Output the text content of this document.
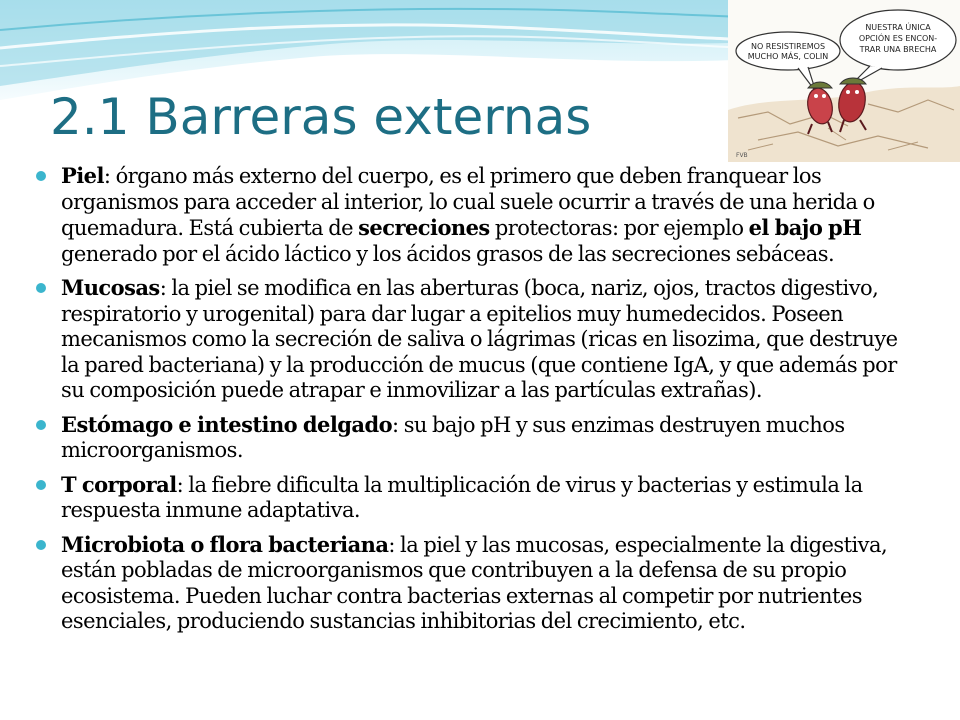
2.1 Barreras externas
NO RESISTIREMOS
MUCHO MÁS, COLIN
NUESTRA ÚNICA
OPCIÓN ES ENCON-
TRAR UNA BRECHA
FVB
Piel: órgano más externo del cuerpo, es el primero que deben franquear los organismos para acceder al interior, lo cual suele ocurrir a través de una herida o quemadura. Está cubierta de secreciones protectoras: por ejemplo el bajo pH generado por el ácido láctico y los ácidos grasos de las secreciones sebáceas.
Mucosas: la piel se modifica en las aberturas (boca, nariz, ojos, tractos digestivo, respiratorio y urogenital) para dar lugar a epitelios muy humedecidos. Poseen mecanismos como la secreción de saliva o lágrimas (ricas en lisozima, que destruye la pared bacteriana) y la producción de mucus (que contiene IgA, y que además por su composición puede atrapar e inmovilizar a las partículas extrañas).
Estómago e intestino delgado: su bajo pH y sus enzimas destruyen muchos microorganismos.
T corporal: la fiebre dificulta la multiplicación de virus y bacterias y estimula la respuesta inmune adaptativa.
Microbiota o flora bacteriana: la piel y las mucosas, especialmente la digestiva, están pobladas de microorganismos que contribuyen a la defensa de su propio ecosistema. Pueden luchar contra bacterias externas al competir por nutrientes esenciales, produciendo sustancias inhibitorias del crecimiento, etc.
